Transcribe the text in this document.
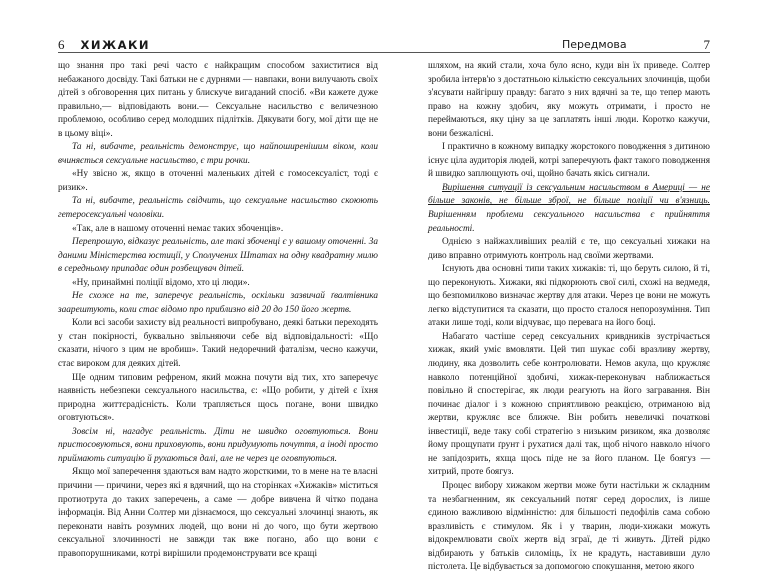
6 ХИЖАКИ

що знання про такі речі часто є найкращим способом захиститися від небажаного досвіду. Такі батьки не є дурнями — навпаки, вони вилучають своїх дітей з обговорення цих питань у блискуче вигаданий спосіб. «Ви кажете дуже правильно,— відповідають вони.— Сексуальне насильство є величезною проблемою, особливо серед молодших підлітків. Дякувати богу, мої діти ще не в цьому віці».

Та ні, вибачте, реальність демонструє, що найпоширенішим віком, коли вчиняється сексуальне насильство, є три рочки.

«Ну звісно ж, якщо в оточенні маленьких дітей є гомосексуаліст, тоді є ризик».

Та ні, вибачте, реальність свідчить, що сексуальне насильство скоюють гетеросексуальні чоловіки.

«Так, але в нашому оточенні немає таких збоченців».

Перепрошую, відказує реальність, але такі збоченці є у вашому оточенні. За даними Міністерства юстиції, у Сполучених Штатах на одну квадратну милю в середньому припадає один розбещувач дітей.

«Ну, принаймні поліції відомо, хто ці люди».

Не схоже на те, заперечує реальність, оскільки зазвичай ґвалтівника заарештують, коли стає відомо про приблизно від 20 до 150 його жертв.

Коли всі засоби захисту від реальності випробувано, деякі батьки переходять у стан покірності, буквально звільняючи себе від відповідальності: «Що сказати, нічого з цим не вробиш». Такий недоречний фаталізм, чесно кажучи, стає вироком для деяких дітей.

Ще одним типовим рефреном, який можна почути від тих, хто заперечує наявність небезпеки сексуального насильства, є: «Що робити, у дітей є їхня природна життєрадісність. Коли трапляється щось погане, вони швидко оговтуються».

Зовсім ні, нагадує реальність. Діти не швидко оговтуються. Вони пристосовуються, вони приховують, вони придумують почуття, а іноді просто приймають ситуацію й рухаються далі, але не через це оговтуються.

Якщо мої заперечення здаються вам надто жорсткими, то в мене на те власні причини — причини, через які я вдячний, що на сторінках «Хижаків» міститься протиотрута до таких заперечень, а саме — добре вивчена й чітко подана інформація. Від Анни Солтер ми дізнаємося, що сексуальні злочинці знають, як переконати навіть розумних людей, що вони ні до чого, що бути жертвою сексуальної злочинності не завжди так вже погано, або що вони є правопорушниками, котрі вирішили продемонструвати все кращі

Передмова	7

шляхом, на який стали, хоча було ясно, куди він їх приведе. Солтер зробила інтерв'ю з достатньою кількістю сексуальних злочинців, щоби з'ясувати найгіршу правду: багато з них вдячні за те, що тепер мають право на кожну здобич, яку можуть отримати, і просто не переймаються, яку ціну за це заплатять інші люди. Коротко кажучи, вони безжалісні.

І практично в кожному випадку жорстокого поводження з дитиною існує ціла аудиторія людей, котрі заперечують факт такого поводження й швидко заплющують очі, щойно бачать якісь сигнали.

Вирішення ситуації із сексуальним насильством в Америці — не більше законів, не більше зброї, не більше поліції чи в'язниць. Вирішенням проблеми сексуального насильства є прийняття реальності.

Однією з найжахливіших реалій є те, що сексуальні хижаки на диво вправно отримують контроль над своїми жертвами.

Існують два основні типи таких хижаків: ті, що беруть силою, й ті, що переконують. Хижаки, які підкорюють свої силі, схожі на ведмедя, що безпомилково визначає жертву для атаки. Через це вони не можуть легко відступитися та сказати, що просто сталося непорозуміння. Тип атаки лише тоді, коли відчуває, що перевага на його боці.

Набагато частіше серед сексуальних кривдників зустрічається хижак, який уміє вмовляти. Цей тип шукає собі вразливу жертву, людину, яка дозволить себе контролювати. Немов акула, що кружляє навколо потенційної здобичі, хижак-переконувач наближається повільно й спостерігає, як люди реагують на його загравання. Він починає діалог і з кожною сприятливою реакцією, отриманою від жертви, кружляє все ближче. Він робить невеличкі початкові інвестиції, веде таку собі стратегію з низьким ризиком, яка дозволяє йому прощупати ґрунт і рухатися далі так, щоб нічого навколо нічого не запідозрить, яхща щось піде не за його планом. Це боягуз — хитрий, проте боягуз.

Процес вибору хижаком жертви може бути настільки ж складним та незбагненним, як сексуальний потяг серед дорослих, із лише єдиною важливою відмінністю: для більшості педофілів сама собою вразливість є стимулом. Як і у тварин, люди-хижаки можуть відокремлювати своїх жертв від зграї, де ті живуть. Дітей рідко відбирають у батьків силоміць, їх не крадуть, наставивши дуло пістолета. Це відбувається за допомогою спокушання, метою якого
